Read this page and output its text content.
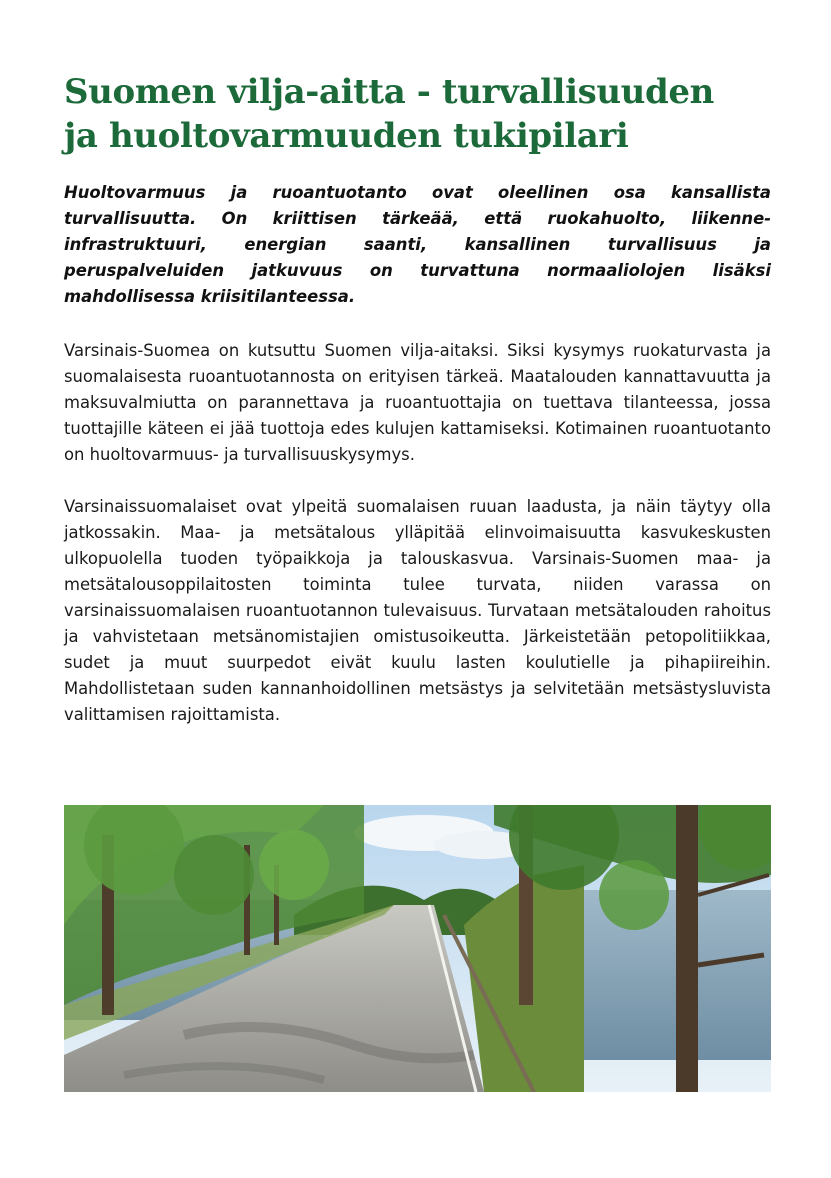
Suomen vilja-aitta - turvallisuuden
ja huoltovarmuuden tukipilari

Huoltovarmuus ja ruoantuotanto ovat oleellinen osa kansallista turvallisuutta. On kriittisen tärkeää, että ruokahuolto, liikenne-infrastruktuuri, energian saanti, kansallinen turvallisuus ja peruspalveluiden jatkuvuus on turvattuna normaaliolojen lisäksi mahdollisessa kriisitilanteessa.

Varsinais-Suomea on kutsuttu Suomen vilja-aitaksi. Siksi kysymys ruokaturvasta ja suomalaisesta ruoantuotannosta on erityisen tärkeä. Maatalouden kannattavuutta ja maksuvalmiutta on parannettava ja ruoantuottajia on tuettava tilanteessa, jossa tuottajille käteen ei jää tuottoja edes kulujen kattamiseksi. Kotimainen ruoantuotanto on huoltovarmuus- ja turvallisuuskysymys.

Varsinaissuomalaiset ovat ylpeitä suomalaisen ruuan laadusta, ja näin täytyy olla jatkossakin. Maa- ja metsätalous ylläpitää elinvoimaisuutta kasvukeskusten ulkopuolella tuoden työpaikkoja ja talouskasvua. Varsinais-Suomen maa- ja metsätalousoppilaitosten toiminta tulee turvata, niiden varassa on varsinaissuomalaisen ruoantuotannon tulevaisuus. Turvataan metsätalouden rahoitus ja vahvistetaan metsänomistajien omistusoikeutta. Järkeistetään petopolitiikkaa, sudet ja muut suurpedot eivät kuulu lasten koulutielle ja pihapiireihin. Mahdollistetaan suden kannanhoidollinen metsästys ja selvitetään metsästysluvista valittamisen rajoittamista.
